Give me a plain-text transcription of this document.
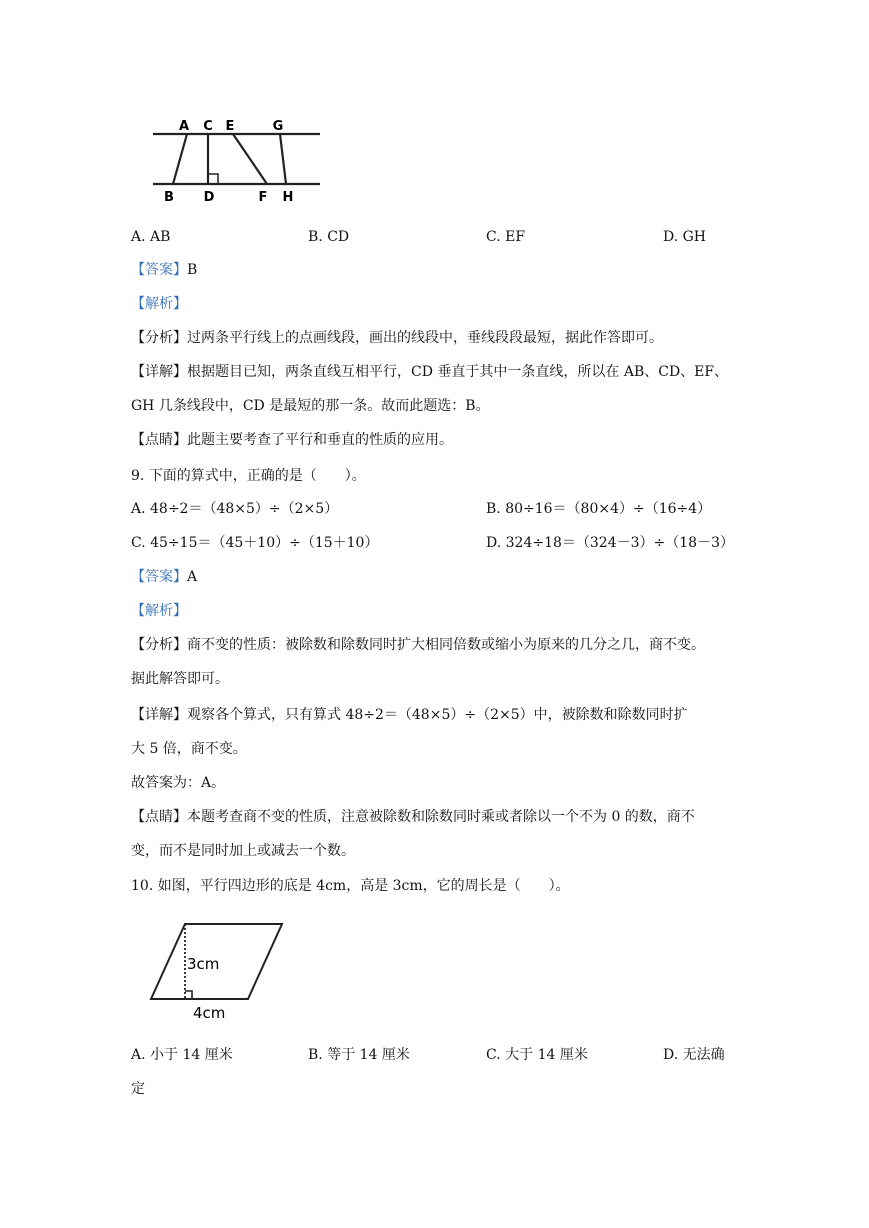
A C E	G
B D	F H
A. AB	B. CD	C. EF	D. GH
【答案】B
【解析】
【分析】过两条平行线上的点画线段，画出的线段中，垂线段段最短，据此作答即可。
【详解】根据题目已知，两条直线互相平行，CD 垂直于其中一条直线，所以在 AB、CD、EF、
GH 几条线段中，CD 是最短的那一条。故而此题选：B。
【点睛】此题主要考查了平行和垂直的性质的应用。
9. 下面的算式中，正确的是（　　）。
A. 48÷2＝（48×5）÷（2×5）	B. 80÷16＝（80×4）÷（16÷4）
C. 45÷15＝（45＋10）÷（15＋10）	D. 324÷18＝（324－3）÷（18－3）
【答案】A
【解析】
【分析】商不变的性质：被除数和除数同时扩大相同倍数或缩小为原来的几分之几，商不变。
据此解答即可。
【详解】观察各个算式，只有算式 48÷2＝（48×5）÷（2×5）中，被除数和除数同时扩
大 5 倍，商不变。
故答案为：A。
【点睛】本题考查商不变的性质，注意被除数和除数同时乘或者除以一个不为 0 的数，商不
变，而不是同时加上或减去一个数。
10. 如图，平行四边形的底是 4cm，高是 3cm，它的周长是（　　）。
3cm
4cm
A. 小于 14 厘米	B. 等于 14 厘米	C. 大于 14 厘米	D. 无法确
定
